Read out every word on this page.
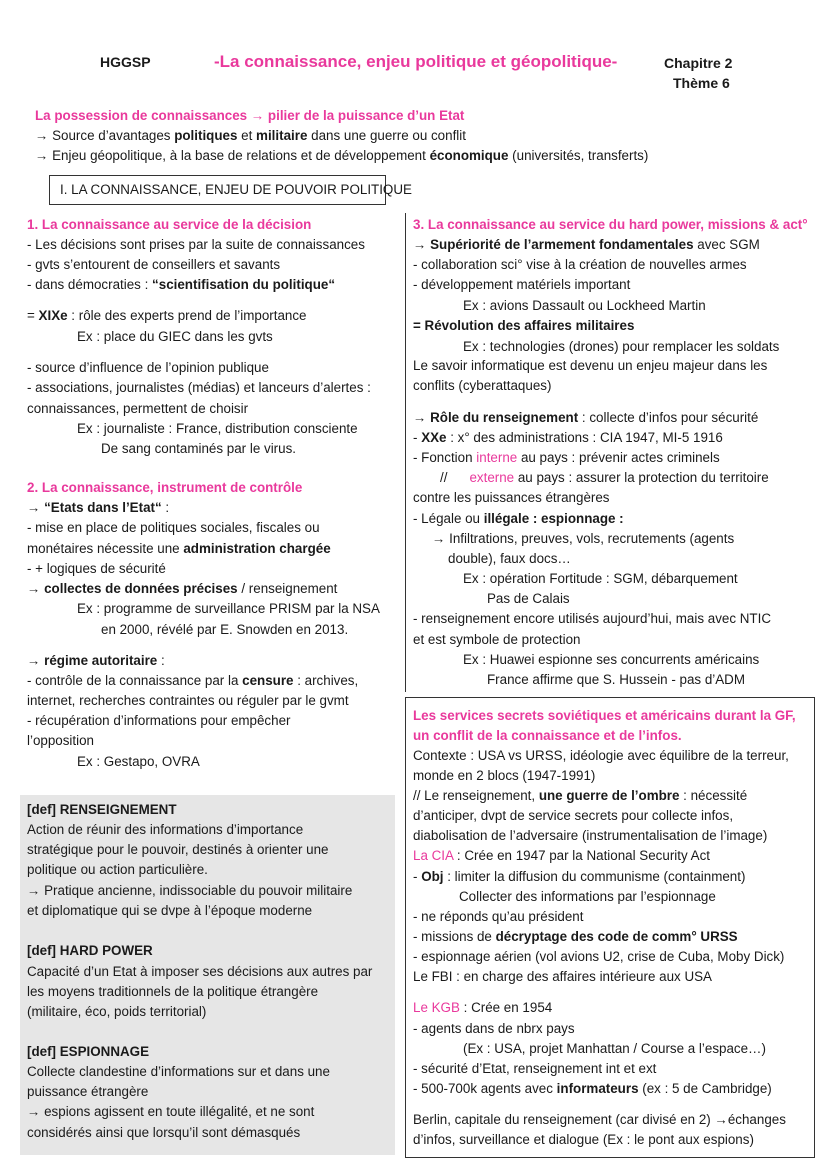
HGGSP	-La connaissance, enjeu politique et géopolitique-	Chapitre 2
Thème 6
La possession de connaissances → pilier de la puissance d’un Etat
→ Source d’avantages politiques et militaire dans une guerre ou conflit
→ Enjeu géopolitique, à la base de relations et de développement économique (universités, transferts)
I. LA CONNAISSANCE, ENJEU DE POUVOIR POLITIQUE
1. La connaissance au service de la décision
- Les décisions sont prises par la suite de connaissances
- gvts s’entourent de conseillers et savants
- dans démocraties : “scientifisation du politique“
= XIXe : rôle des experts prend de l’importance
Ex : place du GIEC dans les gvts
- source d’influence de l’opinion publique
- associations, journalistes (médias) et lanceurs d’alertes :
connaissances, permettent de choisir
Ex : journaliste : France, distribution consciente
De sang contaminés par le virus.
2. La connaissance, instrument de contrôle
→ “Etats dans l’Etat“ :
- mise en place de politiques sociales, fiscales ou
monétaires nécessite une administration chargée
- + logiques de sécurité
→ collectes de données précises / renseignement
Ex : programme de surveillance PRISM par la NSA
en 2000, révélé par E. Snowden en 2013.
→ régime autoritaire :
- contrôle de la connaissance par la censure : archives,
internet, recherches contraintes ou réguler par le gvmt
- récupération d’informations pour empêcher
l’opposition
Ex : Gestapo, OVRA
[def] RENSEIGNEMENT
Action de réunir des informations d’importance
stratégique pour le pouvoir, destinés à orienter une
politique ou action particulière.
→ Pratique ancienne, indissociable du pouvoir militaire
et diplomatique qui se dvpe à l’époque moderne
[def] HARD POWER
Capacité d’un Etat à imposer ses décisions aux autres par
les moyens traditionnels de la politique étrangère
(militaire, éco, poids territorial)
[def] ESPIONNAGE
Collecte clandestine d’informations sur et dans une
puissance étrangère
→ espions agissent en toute illégalité, et ne sont
considérés ainsi que lorsqu’il sont démasqués
3. La connaissance au service du hard power, missions & act°
→ Supériorité de l’armement fondamentales avec SGM
- collaboration sci° vise à la création de nouvelles armes
- développement matériels important
Ex : avions Dassault ou Lockheed Martin
= Révolution des affaires militaires
Ex : technologies (drones) pour remplacer les soldats
Le savoir informatique est devenu un enjeu majeur dans les
conflits (cyberattaques)
→ Rôle du renseignement : collecte d’infos pour sécurité
- XXe : x° des administrations : CIA 1947, MI-5 1916
- Fonction interne au pays : prévenir actes criminels
// externe au pays : assurer la protection du territoire
contre les puissances étrangères
- Légale ou illégale : espionnage :
→ Infiltrations, preuves, vols, recrutements (agents
double), faux docs…
Ex : opération Fortitude : SGM, débarquement
Pas de Calais
- renseignement encore utilisés aujourd’hui, mais avec NTIC
et est symbole de protection
Ex : Huawei espionne ses concurrents américains
France affirme que S. Hussein - pas d’ADM
Les services secrets soviétiques et américains durant la GF,
un conflit de la connaissance et de l’infos.
Contexte : USA vs URSS, idéologie avec équilibre de la terreur,
monde en 2 blocs (1947-1991)
// Le renseignement, une guerre de l’ombre : nécessité
d’anticiper, dvpt de service secrets pour collecte infos,
diabolisation de l’adversaire (instrumentalisation de l’image)
La CIA : Crée en 1947 par la National Security Act
- Obj : limiter la diffusion du communisme (containment)
Collecter des informations par l’espionnage
- ne réponds qu’au président
- missions de décryptage des code de comm° URSS
- espionnage aérien (vol avions U2, crise de Cuba, Moby Dick)
Le FBI : en charge des affaires intérieure aux USA
Le KGB : Crée en 1954
- agents dans de nbrx pays
(Ex : USA, projet Manhattan / Course a l’espace…)
- sécurité d’Etat, renseignement int et ext
- 500-700k agents avec informateurs (ex : 5 de Cambridge)
Berlin, capitale du renseignement (car divisé en 2) →échanges
d’infos, surveillance et dialogue (Ex : le pont aux espions)
